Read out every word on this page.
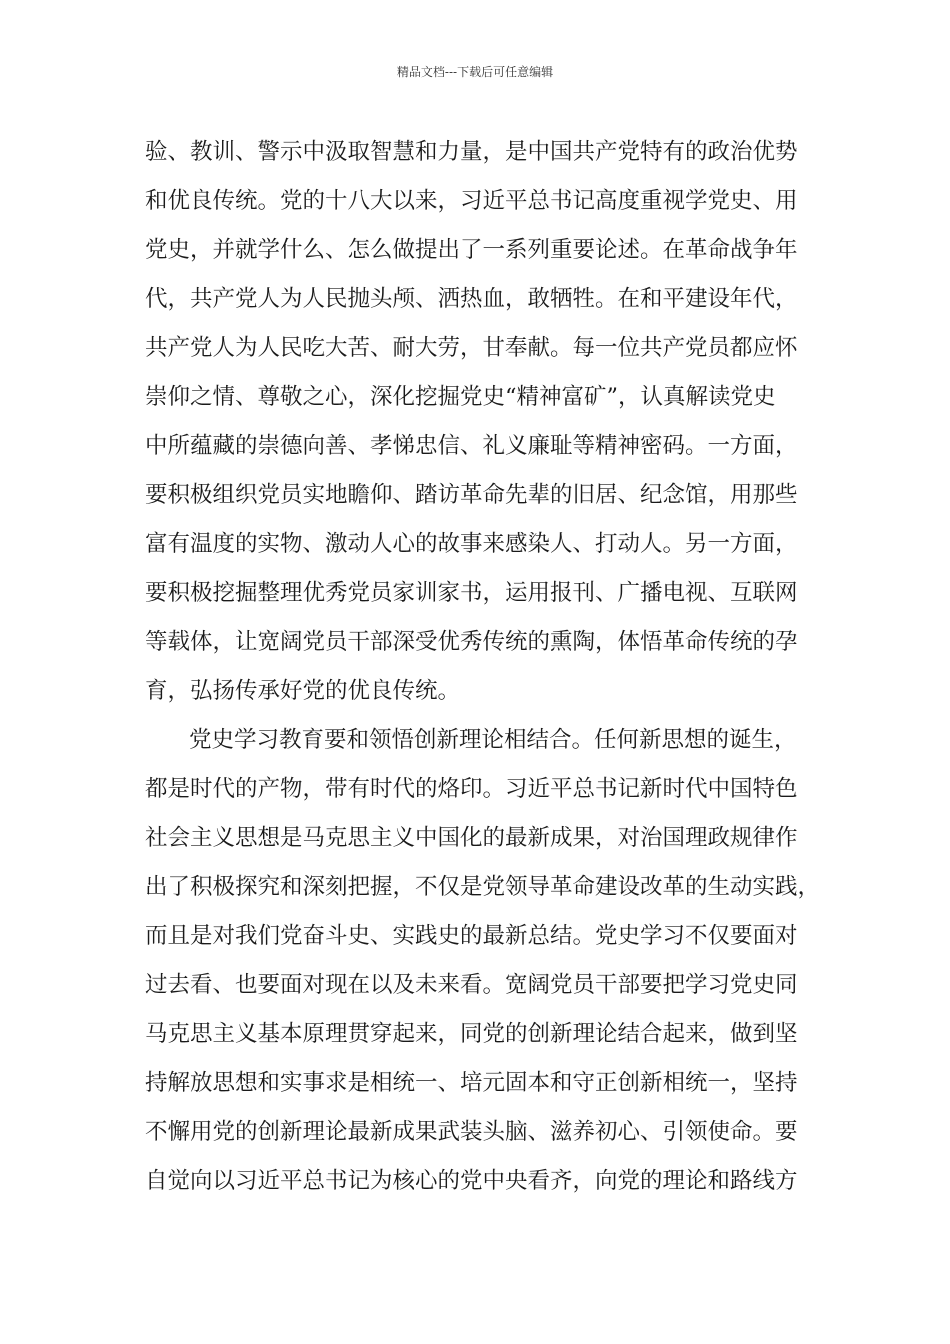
精品文档---下载后可任意编辑
验、教训、警示中汲取智慧和力量，是中国共产党特有的政治优势
和优良传统。党的十八大以来，习近平总书记高度重视学党史、用
党史，并就学什么、怎么做提出了一系列重要论述。在革命战争年
代，共产党人为人民抛头颅、洒热血，敢牺牲。在和平建设年代，
共产党人为人民吃大苦、耐大劳，甘奉献。每一位共产党员都应怀
崇仰之情、尊敬之心，深化挖掘党史“精神富矿”，认真解读党史
中所蕴藏的崇德向善、孝悌忠信、礼义廉耻等精神密码。一方面，
要积极组织党员实地瞻仰、踏访革命先辈的旧居、纪念馆，用那些
富有温度的实物、激动人心的故事来感染人、打动人。另一方面，
要积极挖掘整理优秀党员家训家书，运用报刊、广播电视、互联网
等载体，让宽阔党员干部深受优秀传统的熏陶，体悟革命传统的孕
育，弘扬传承好党的优良传统。
党史学习教育要和领悟创新理论相结合。任何新思想的诞生，
都是时代的产物，带有时代的烙印。习近平总书记新时代中国特色
社会主义思想是马克思主义中国化的最新成果，对治国理政规律作
出了积极探究和深刻把握，不仅是党领导革命建设改革的生动实践，
而且是对我们党奋斗史、实践史的最新总结。党史学习不仅要面对
过去看、也要面对现在以及未来看。宽阔党员干部要把学习党史同
马克思主义基本原理贯穿起来，同党的创新理论结合起来，做到坚
持解放思想和实事求是相统一、培元固本和守正创新相统一，坚持
不懈用党的创新理论最新成果武装头脑、滋养初心、引领使命。要
自觉向以习近平总书记为核心的党中央看齐，向党的理论和路线方
